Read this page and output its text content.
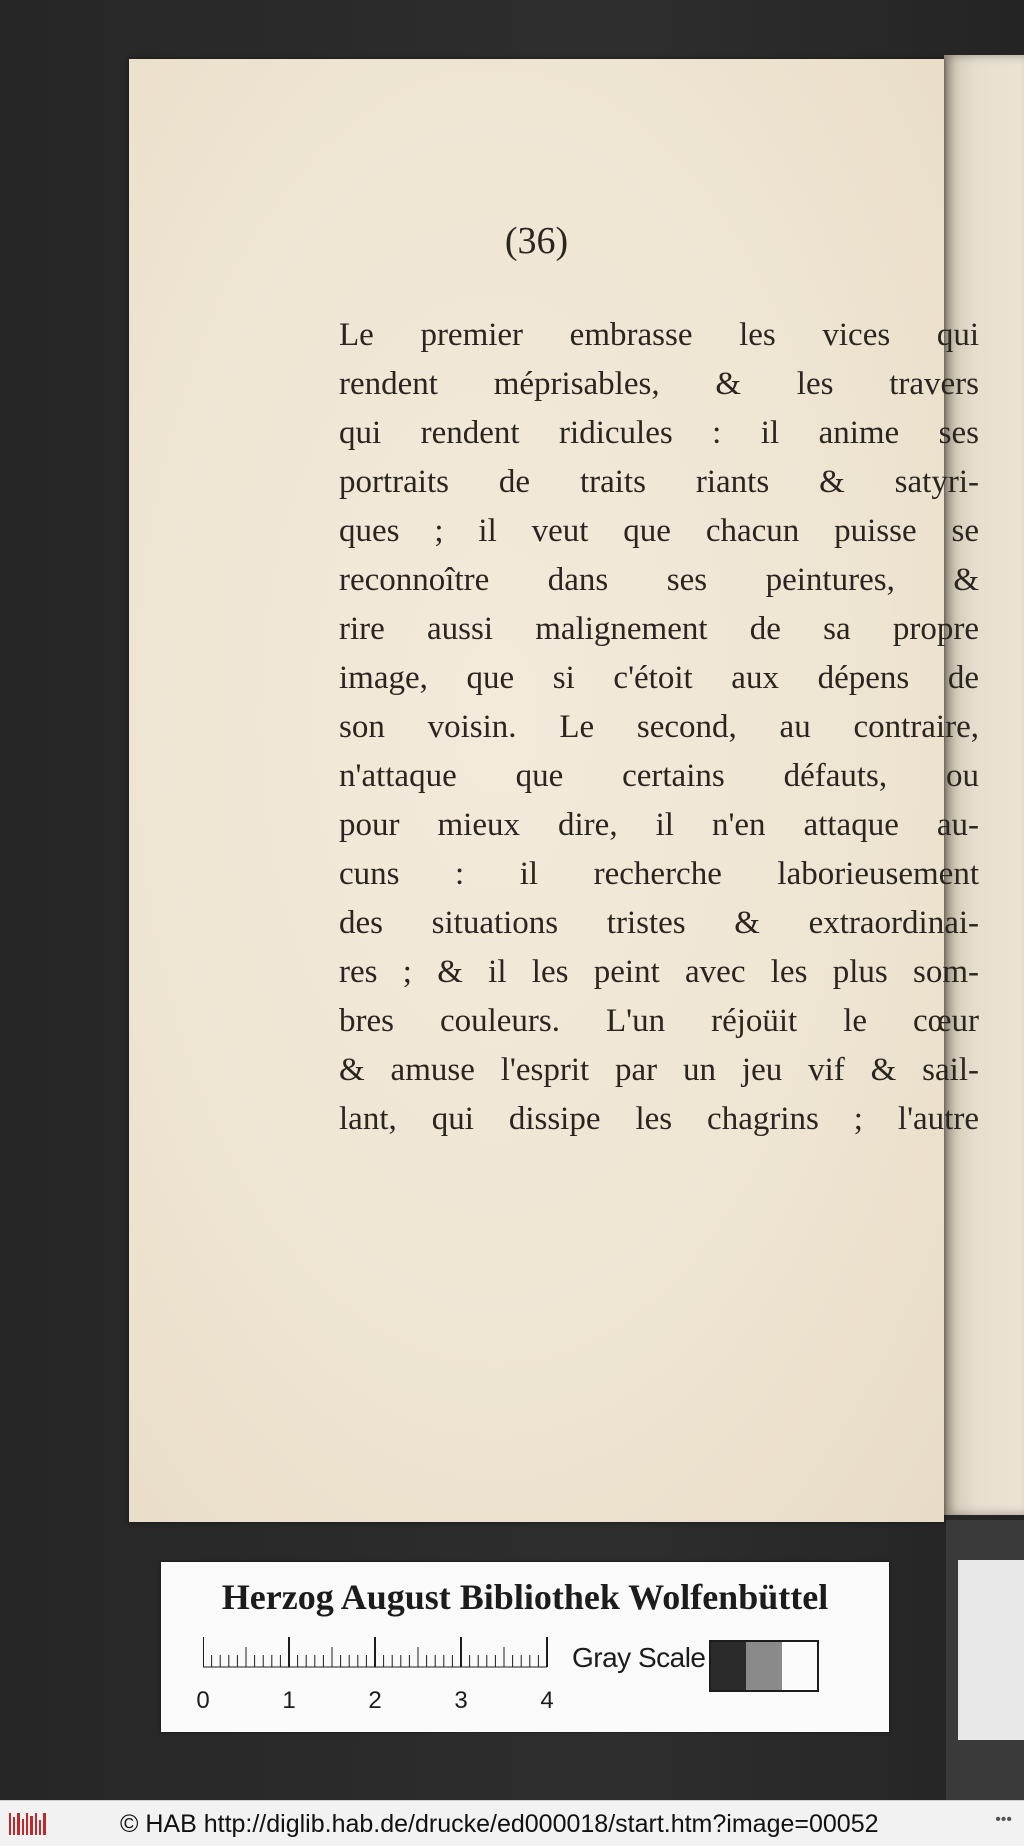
(36)
Le premier embrasse les vices qui
rendent méprisables, & les travers
qui rendent ridicules : il anime ses
portraits de traits riants & satyri-
ques ; il veut que chacun puisse se
reconnoître dans ses peintures, &
rire aussi malignement de sa propre
image, que si c'étoit aux dépens de
son voisin. Le second, au contraire,
n'attaque que certains défauts, ou
pour mieux dire, il n'en attaque au-
cuns : il recherche laborieusement
des situations tristes & extraordinai-
res ; & il les peint avec les plus som-
bres couleurs. L'un réjoüit le cœur
& amuse l'esprit par un jeu vif & sail-
lant, qui dissipe les chagrins ; l'autre
Herzog August Bibliothek Wolfenbüttel
0	1	2	3	4
Gray Scale
© HAB http://diglib.hab.de/drucke/ed000018/start.htm?image=00052	•••
